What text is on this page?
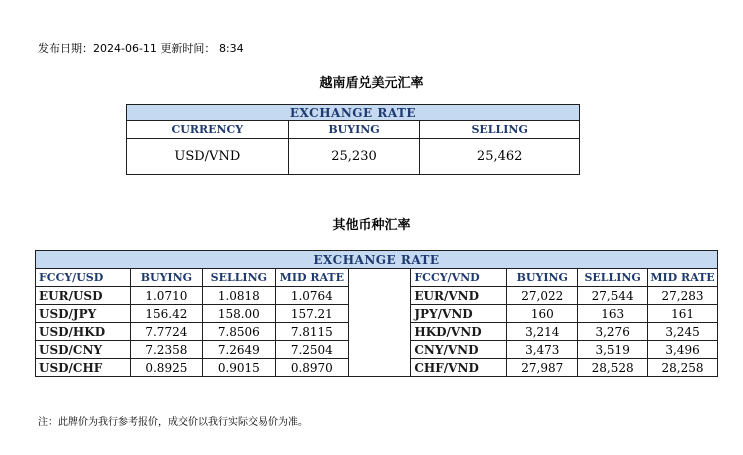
发布日期：2024-06-11 更新时间： 8:34
越南盾兑美元汇率
EXCHANGE RATE		
CURRENCY	BUYING	SELLING
USD/VND	25,230	25,462
其他币种汇率
EXCHANGE RATE								
FCCY/USD	BUYING	SELLING	MID RATE		FCCY/VND	BUYING	SELLING	MID RATE
EUR/USD	1.0710	1.0818	1.0764		EUR/VND	27,022	27,544	27,283
USD/JPY	156.42	158.00	157.21		JPY/VND	160	163	161
USD/HKD	7.7724	7.8506	7.8115		HKD/VND	3,214	3,276	3,245
USD/CNY	7.2358	7.2649	7.2504		CNY/VND	3,473	3,519	3,496
USD/CHF	0.8925	0.9015	0.8970		CHF/VND	27,987	28,528	28,258
注：此牌价为我行参考报价，成交价以我行实际交易价为准。
